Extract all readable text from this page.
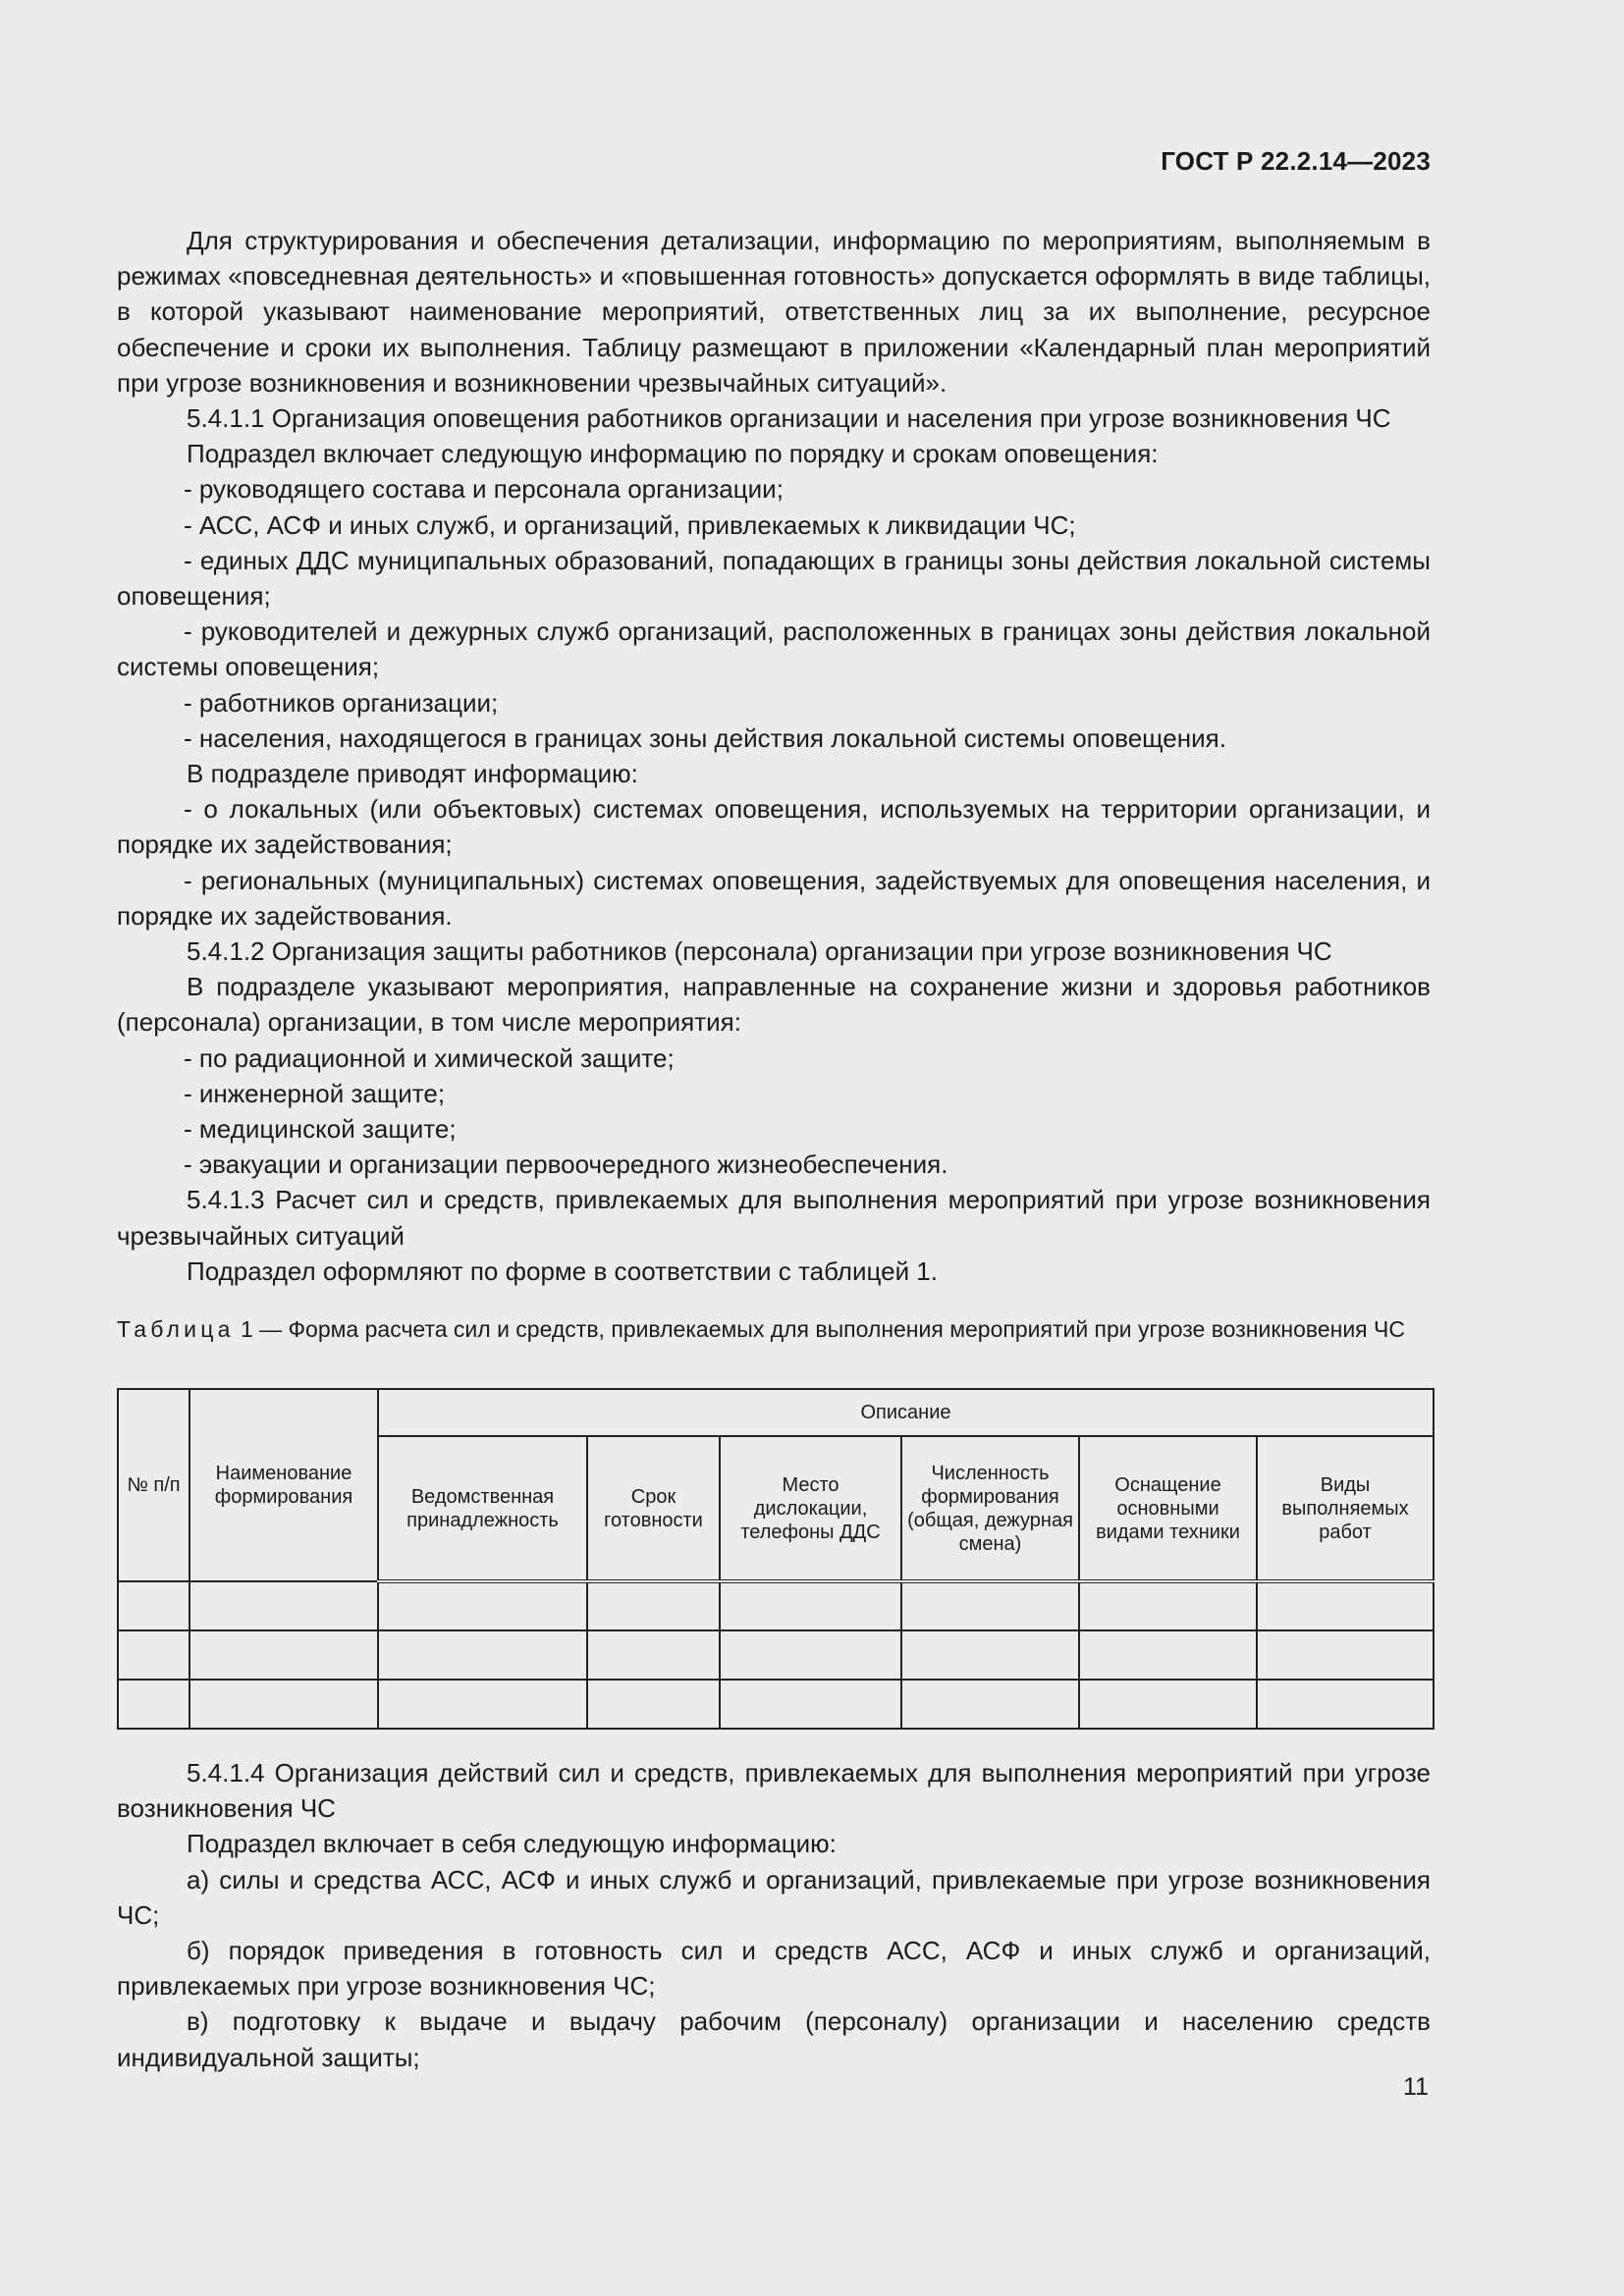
ГОСТ Р 22.2.14—2023

Для структурирования и обеспечения детализации, информацию по мероприятиям, выполняемым в режимах «повседневная деятельность» и «повышенная готовность» допускается оформлять в виде таблицы, в которой указывают наименование мероприятий, ответственных лиц за их выполнение, ресурсное обеспечение и сроки их выполнения. Таблицу размещают в приложении «Календарный план мероприятий при угрозе возникновения и возникновении чрезвычайных ситуаций».

5.4.1.1 Организация оповещения работников организации и населения при угрозе возникновения ЧС

Подраздел включает следующую информацию по порядку и срокам оповещения:

- руководящего состава и персонала организации;

- АСС, АСФ и иных служб, и организаций, привлекаемых к ликвидации ЧС;

- единых ДДС муниципальных образований, попадающих в границы зоны действия локальной системы оповещения;

- руководителей и дежурных служб организаций, расположенных в границах зоны действия локальной системы оповещения;

- работников организации;

- населения, находящегося в границах зоны действия локальной системы оповещения.

В подразделе приводят информацию:

- о локальных (или объектовых) системах оповещения, используемых на территории организации, и порядке их задействования;

- региональных (муниципальных) системах оповещения, задействуемых для оповещения населения, и порядке их задействования.

5.4.1.2 Организация защиты работников (персонала) организации при угрозе возникновения ЧС

В подразделе указывают мероприятия, направленные на сохранение жизни и здоровья работников (персонала) организации, в том числе мероприятия:

- по радиационной и химической защите;

- инженерной защите;

- медицинской защите;

- эвакуации и организации первоочередного жизнеобеспечения.

5.4.1.3 Расчет сил и средств, привлекаемых для выполнения мероприятий при угрозе возникновения чрезвычайных ситуаций

Подраздел оформляют по форме в соответствии с таблицей 1.

Таблица 1 — Форма расчета сил и средств, привлекаемых для выполнения мероприятий при угрозе возникновения ЧС
№ п/п	Наименование формирования	Описание					
		Ведомственная принадлежность	Срок готовности	Место дислокации, телефоны ДДС	Численность формирования (общая, дежурная смена)	Оснащение основными видами техники	Виды выполняемых работ

5.4.1.4 Организация действий сил и средств, привлекаемых для выполнения мероприятий при угрозе возникновения ЧС

Подраздел включает в себя следующую информацию:

а) силы и средства АСС, АСФ и иных служб и организаций, привлекаемые при угрозе возникновения ЧС;

б) порядок приведения в готовность сил и средств АСС, АСФ и иных служб и организаций, привлекаемых при угрозе возникновения ЧС;

в) подготовку к выдаче и выдачу рабочим (персоналу) организации и населению средств индивидуальной защиты;

11
